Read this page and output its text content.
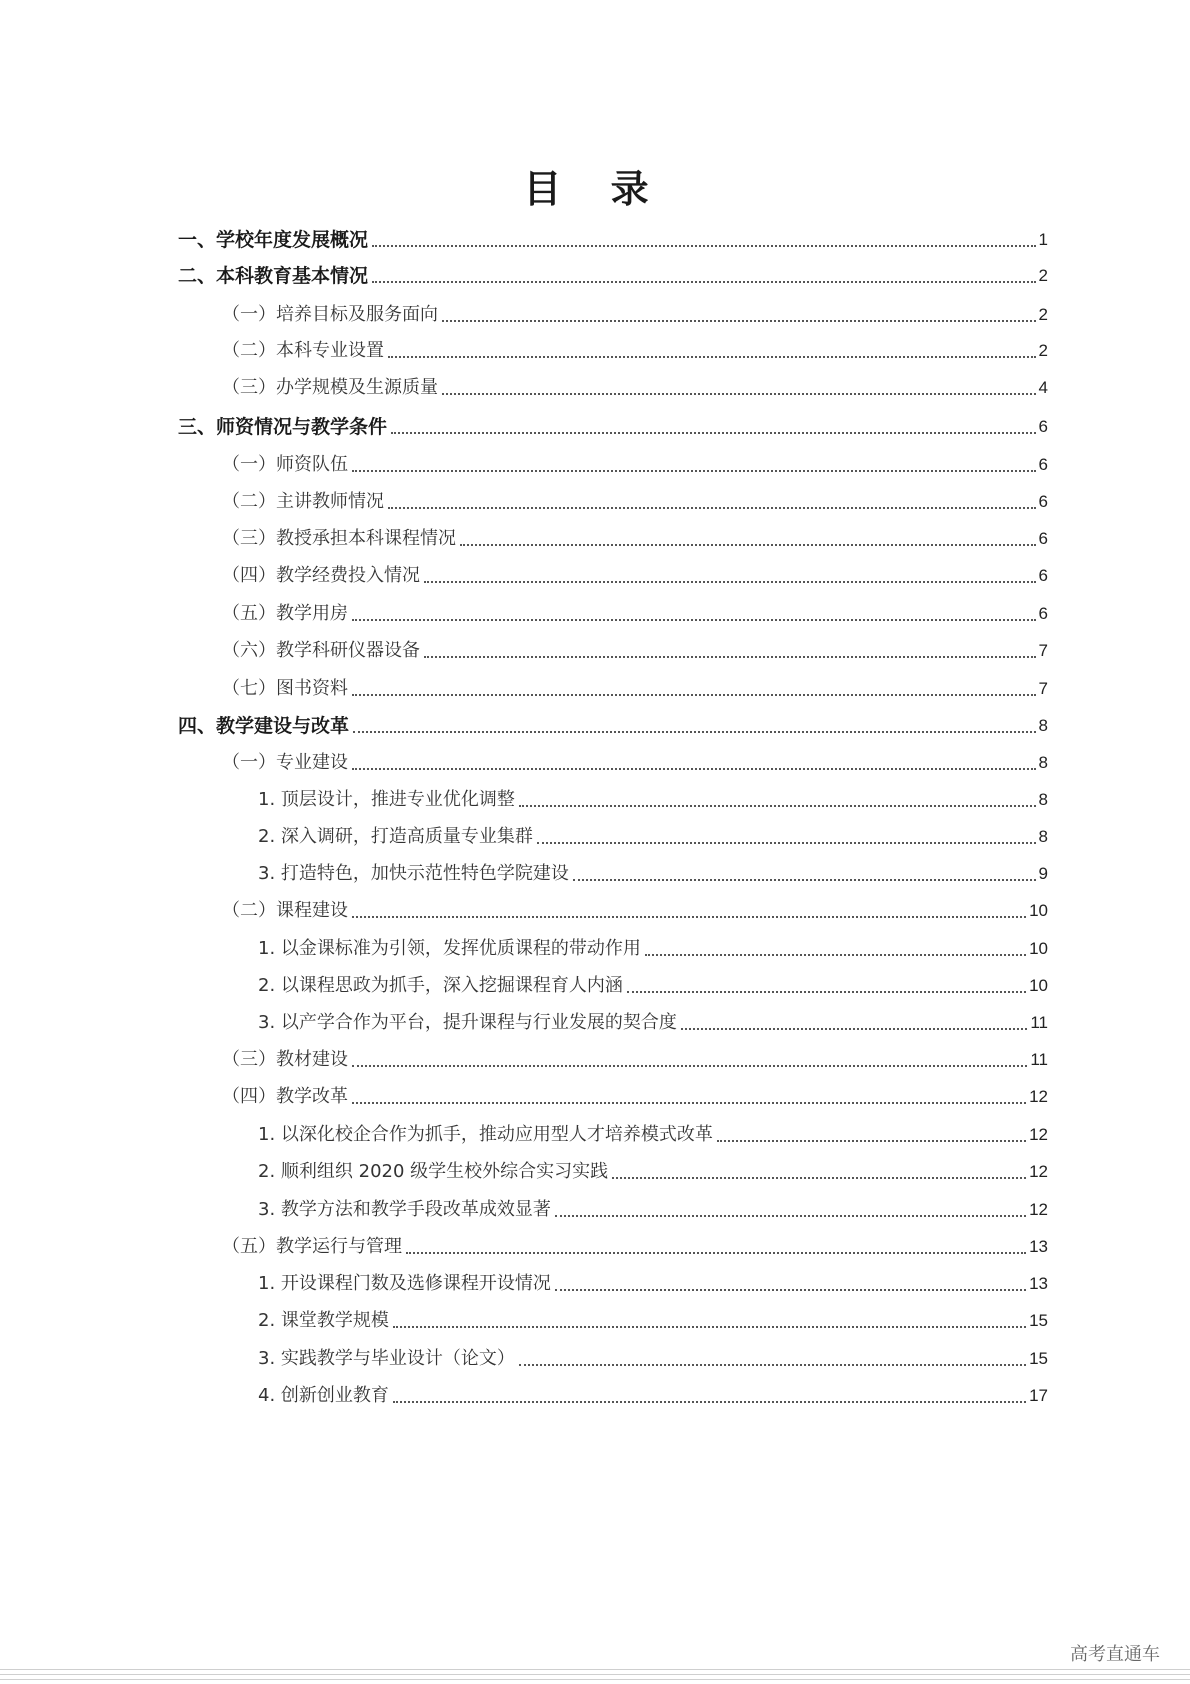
目 录
一、学校年度发展概况	1
二、本科教育基本情况	2
（一）培养目标及服务面向	2
（二）本科专业设置	2
（三）办学规模及生源质量	4
三、师资情况与教学条件	6
（一）师资队伍	6
（二）主讲教师情况	6
（三）教授承担本科课程情况	6
（四）教学经费投入情况	6
（五）教学用房	6
（六）教学科研仪器设备	7
（七）图书资料	7
四、教学建设与改革	8
（一）专业建设	8
1. 顶层设计，推进专业优化调整	8
2. 深入调研，打造高质量专业集群	8
3. 打造特色，加快示范性特色学院建设	9
（二）课程建设	10
1. 以金课标准为引领，发挥优质课程的带动作用	10
2. 以课程思政为抓手，深入挖掘课程育人内涵	10
3. 以产学合作为平台，提升课程与行业发展的契合度	11
（三）教材建设	11
（四）教学改革	12
1. 以深化校企合作为抓手，推动应用型人才培养模式改革	12
2. 顺利组织 2020 级学生校外综合实习实践	12
3. 教学方法和教学手段改革成效显著	12
（五）教学运行与管理	13
1. 开设课程门数及选修课程开设情况	13
2. 课堂教学规模	15
3. 实践教学与毕业设计（论文）	15
4. 创新创业教育	17
高考直通车
